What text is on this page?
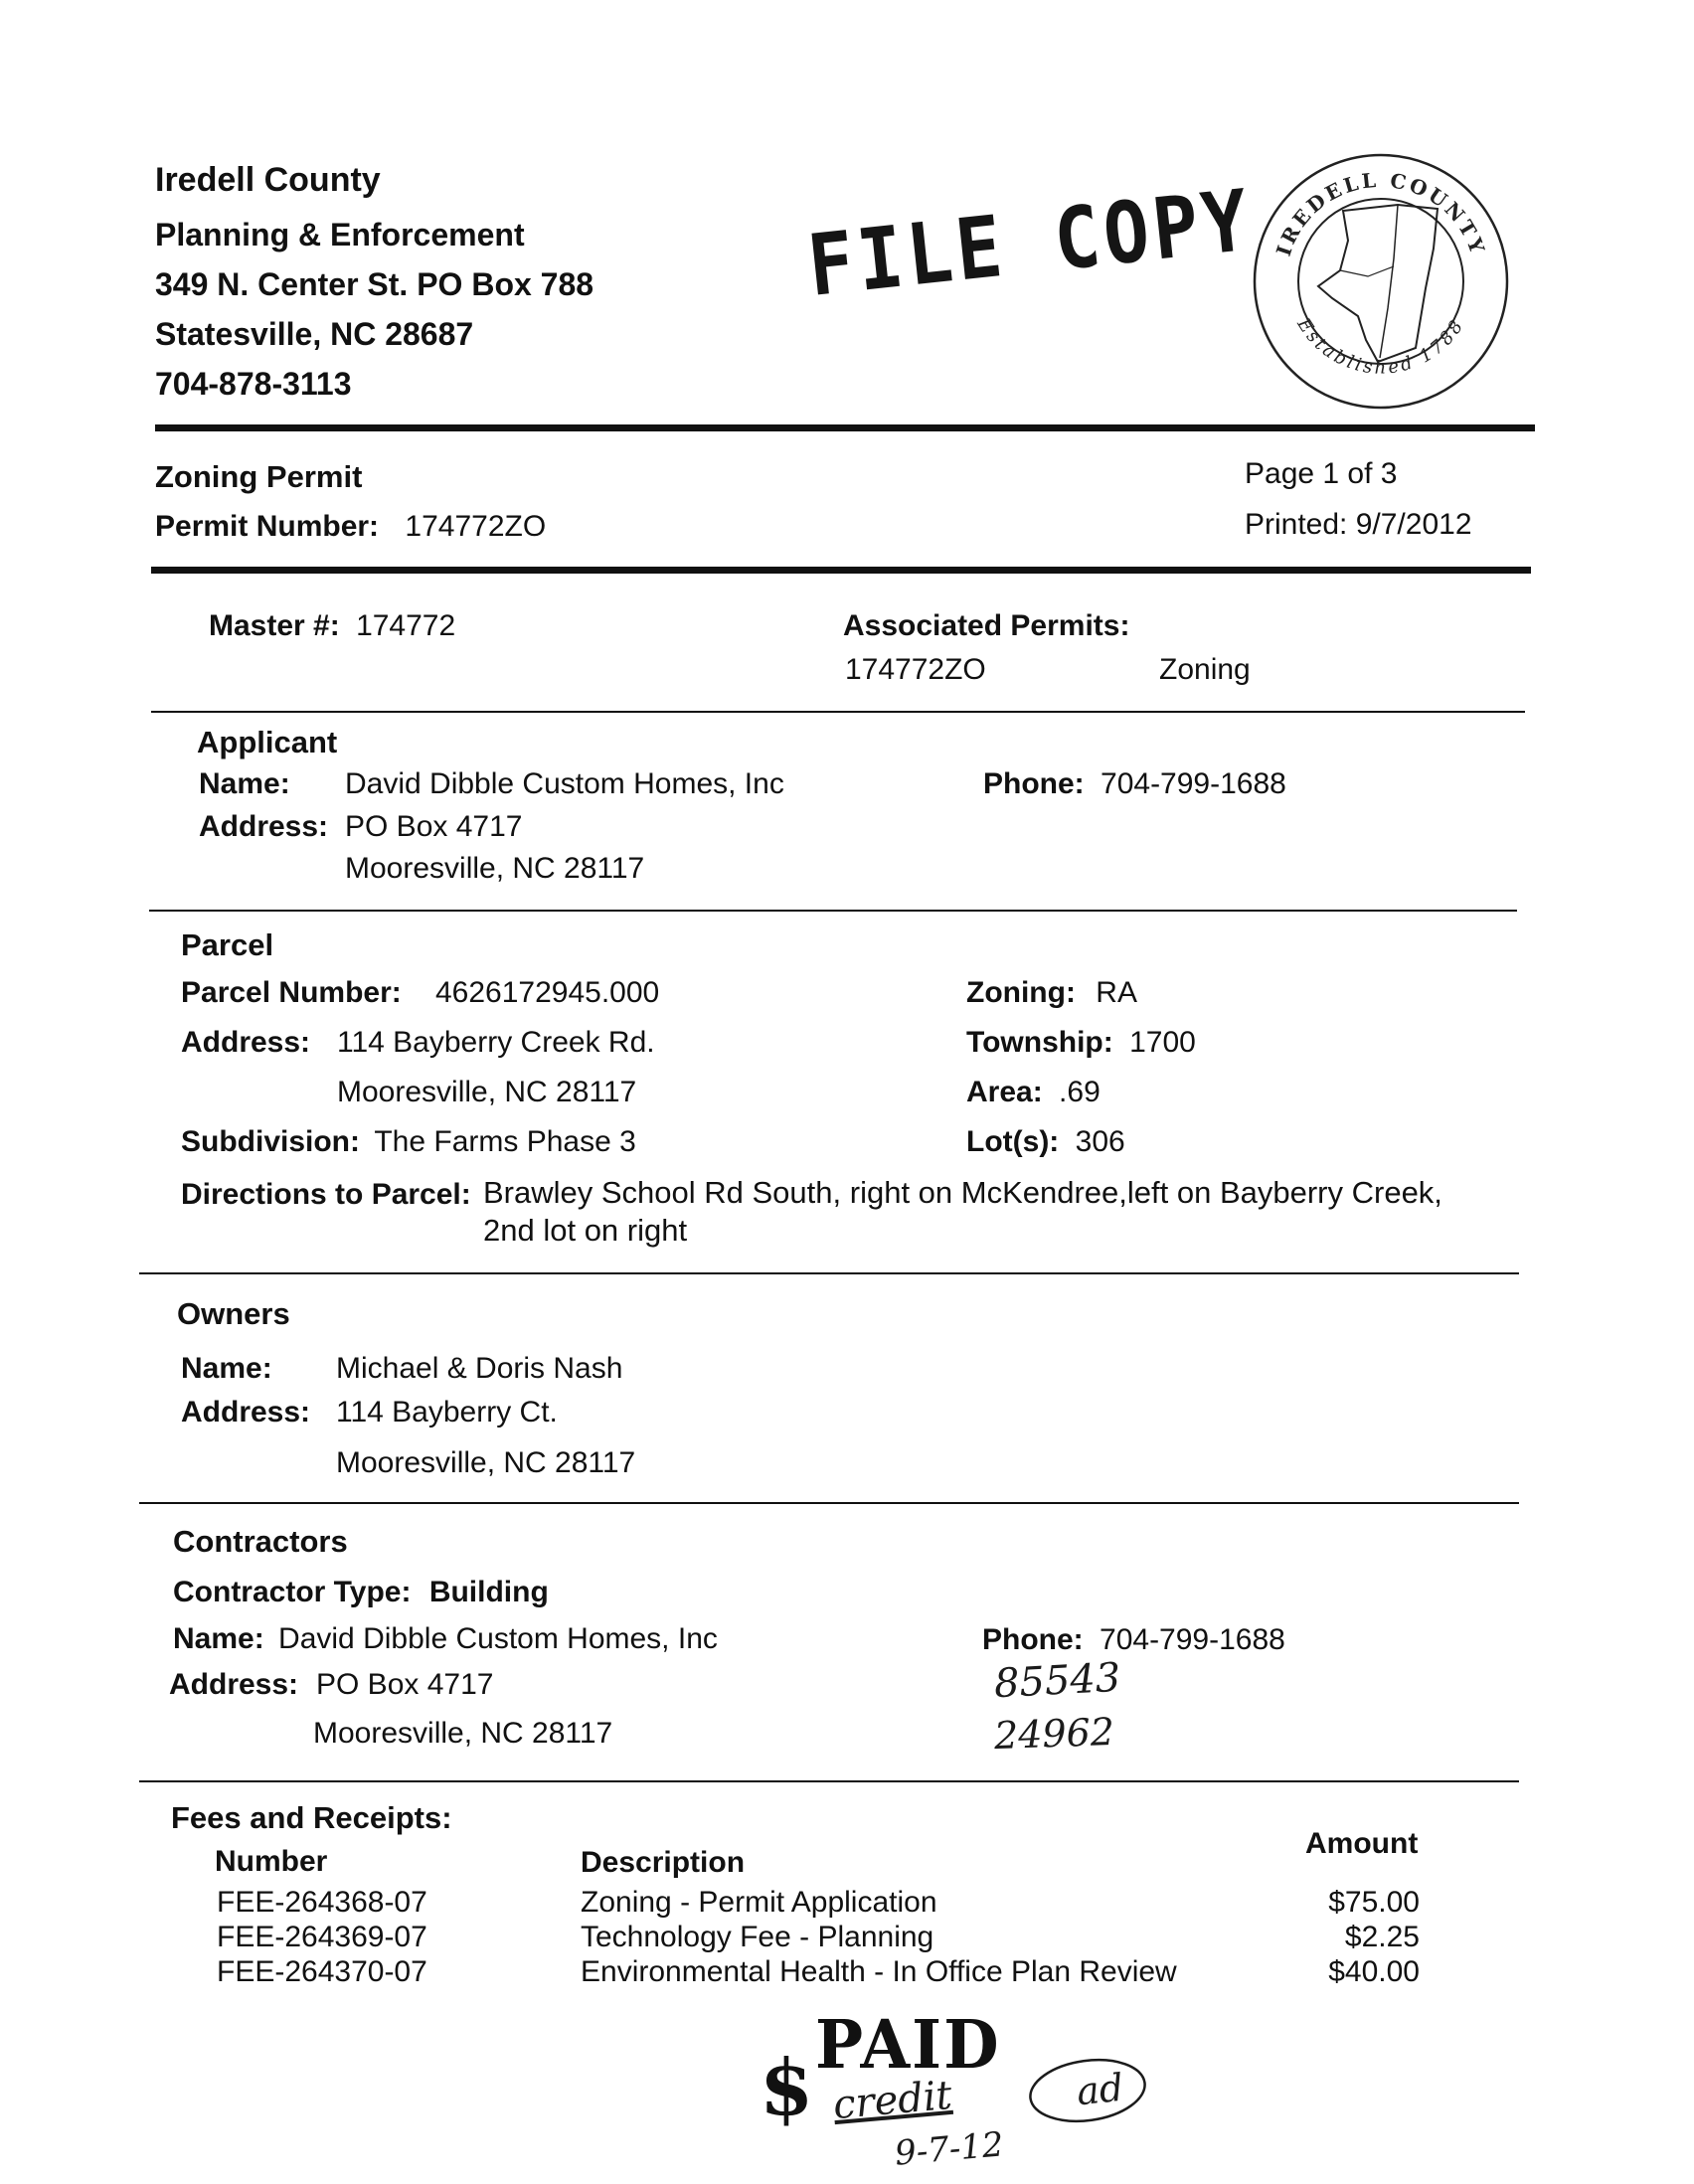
Iredell County
Planning & Enforcement
349 N. Center St. PO Box 788
Statesville, NC 28687
704-878-3113
FILE COPY IREDELL COUNTY
Established 1788
Zoning Permit
Permit Number: 174772ZO
Page 1 of 3
Printed: 9/7/2012
Master #: 174772	Associated Permits:
174772ZO	Zoning
Applicant
Name: David Dibble Custom Homes, Inc
Address: PO Box 4717
Mooresville, NC 28117
Phone: 704-799-1688
Parcel
Parcel Number: 4626172945.000
Address: 114 Bayberry Creek Rd.
Mooresville, NC 28117
Subdivision: The Farms Phase 3
Zoning: RA
Township: 1700
Area: .69
Lot(s): 306
Directions to Parcel: Brawley School Rd South, right on McKendree,left on Bayberry Creek,
2nd lot on right
Owners
Name: Michael & Doris Nash
Address: 114 Bayberry Ct.
Mooresville, NC 28117
Contractors
Contractor Type: Building
Name: David Dibble Custom Homes, Inc
Address: PO Box 4717
Mooresville, NC 28117
Phone: 704-799-1688
85543
24962
Fees and Receipts:
Number	Description
Amount
FEE-264368-07	Zoning - Permit Application	$75.00
FEE-264369-07	Technology Fee - Planning	$2.25
FEE-264370-07	Environmental Health - In Office Plan Review	$40.00
$ PAID
credit
9-7-12
ad
